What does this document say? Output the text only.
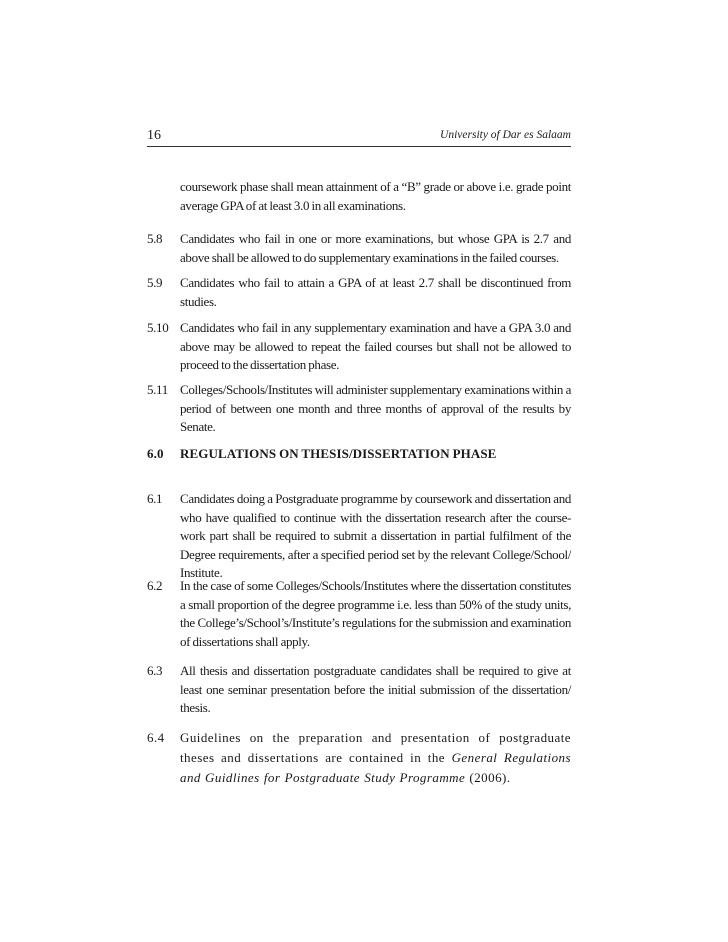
16	University of Dar es Salaam
coursework phase shall mean attainment of a “B” grade or above i.e. grade point average GPA of at least 3.0 in all examinations.
5.8	Candidates who fail in one or more examinations, but whose GPA is 2.7 and above shall be allowed to do supplementary examinations in the failed courses.
5.9	Candidates who fail to attain a GPA of at least 2.7 shall be discontinued from studies.
5.10 Candidates who fail in any supplementary examination and have a GPA 3.0 and above may be allowed to repeat the failed courses but shall not be allowed to proceed to the dissertation phase.
5.11 Colleges/Schools/Institutes will administer supplementary examinations within a period of between one month and three months of approval of the results by Senate.
6.0	REGULATIONS ON THESIS/DISSERTATION PHASE
6.1	Candidates doing a Postgraduate programme by coursework and dissertation and who have qualified to continue with the dissertation research after the course-work part shall be required to submit a dissertation in partial fulfilment of the Degree requirements, after a specified period set by the relevant College/School/ Institute.
6.2	In the case of some Colleges/Schools/Institutes where the dissertation constitutes a small proportion of the degree programme i.e. less than 50% of the study units, the College’s/School’s/Institute’s regulations for the submission and examination of dissertations shall apply.
6.3	All thesis and dissertation postgraduate candidates shall be required to give at least one seminar presentation before the initial submission of the dissertation/ thesis.
6.4	Guidelines on the preparation and presentation of postgraduate theses and dissertations are contained in the General Regulations and Guidlines for Postgraduate Study Programme (2006).
